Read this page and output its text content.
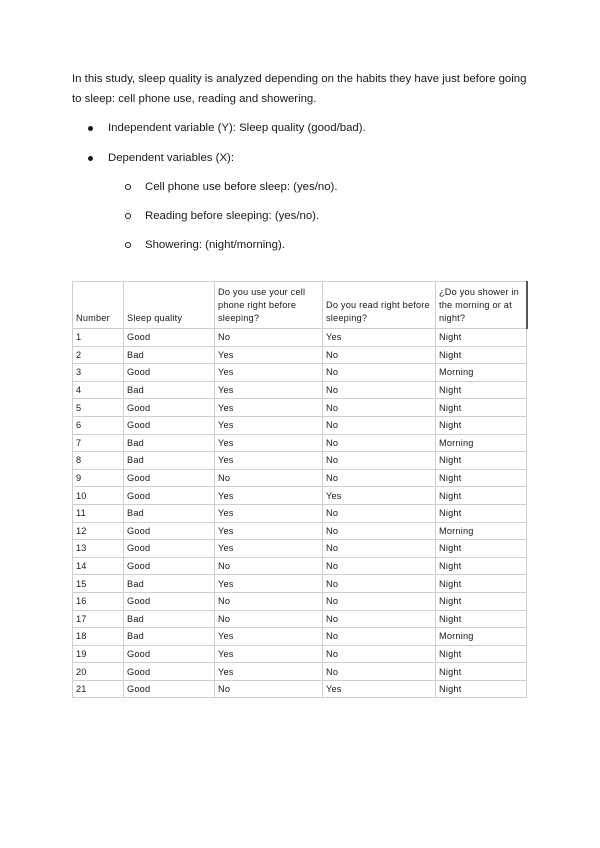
In this study, sleep quality is analyzed depending on the habits they have just before going to sleep: cell phone use, reading and showering.

Independent variable (Y): Sleep quality (good/bad).
Dependent variables (X):
Cell phone use before sleep: (yes/no).
Reading before sleeping: (yes/no).
Showering: (night/morning).
Number	Sleep quality	Do you use your cell phone right before sleeping?	Do you read right before sleeping?	¿Do you shower in the morning or at night?
1	Good	No	Yes	Night
2	Bad	Yes	No	Night
3	Good	Yes	No	Morning
4	Bad	Yes	No	Night
5	Good	Yes	No	Night
6	Good	Yes	No	Night
7	Bad	Yes	No	Morning
8	Bad	Yes	No	Night
9	Good	No	No	Night
10	Good	Yes	Yes	Night
11	Bad	Yes	No	Night
12	Good	Yes	No	Morning
13	Good	Yes	No	Night
14	Good	No	No	Night
15	Bad	Yes	No	Night
16	Good	No	No	Night
17	Bad	No	No	Night
18	Bad	Yes	No	Morning
19	Good	Yes	No	Night
20	Good	Yes	No	Night
21	Good	No	Yes	Night
